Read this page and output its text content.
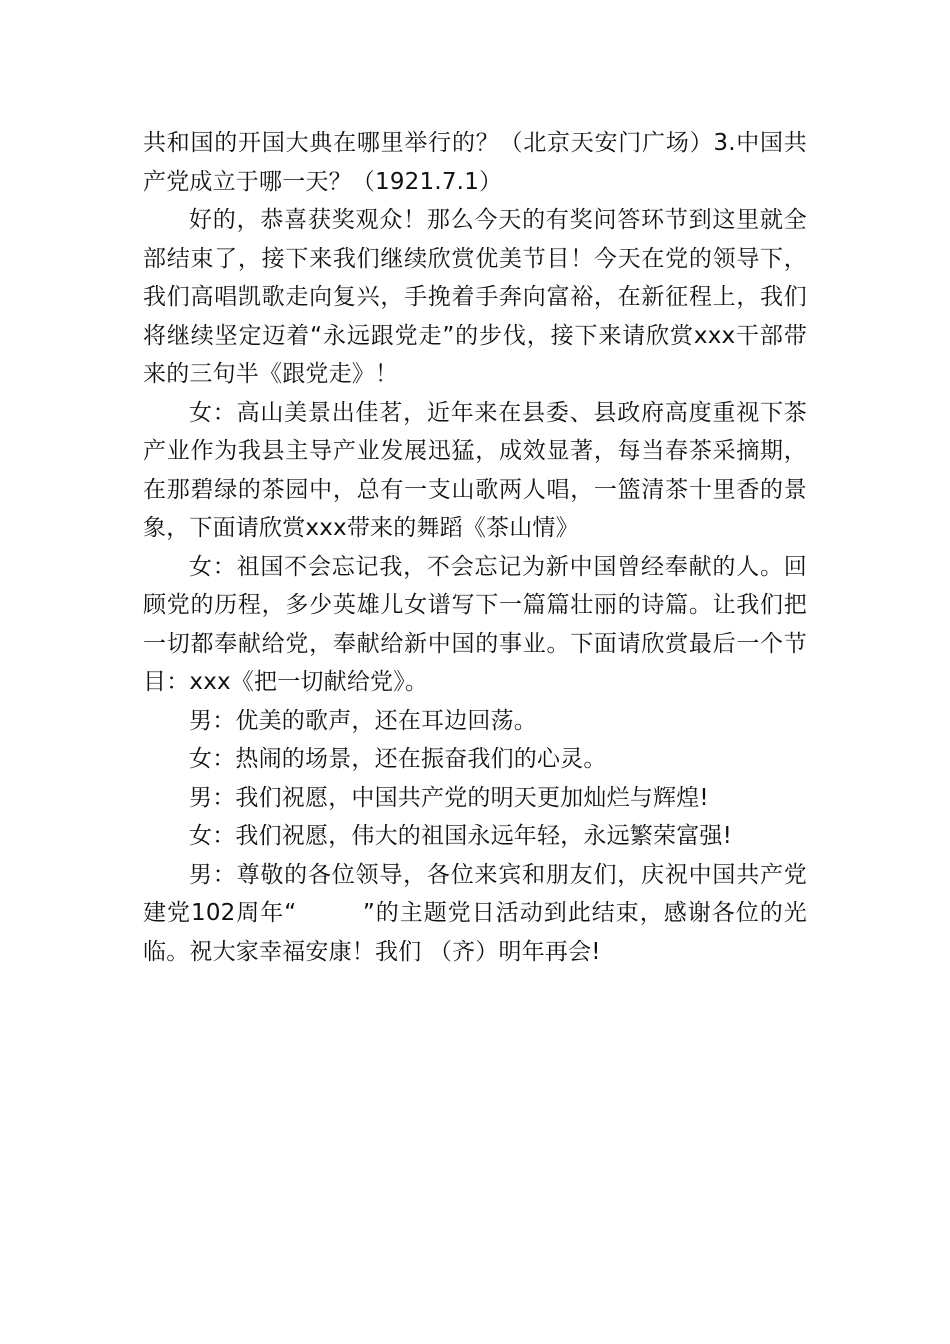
共和国的开国大典在哪里举行的？（北京天安门广场）3.中国共产党成立于哪一天？（1921.7.1）

好的，恭喜获奖观众！那么今天的有奖问答环节到这里就全部结束了，接下来我们继续欣赏优美节目！今天在党的领导下，我们高唱凯歌走向复兴，手挽着手奔向富裕，在新征程上，我们将继续坚定迈着“永远跟党走”的步伐，接下来请欣赏xxx干部带来的三句半《跟党走》！

女：高山美景出佳茗，近年来在县委、县政府高度重视下茶产业作为我县主导产业发展迅猛，成效显著，每当春茶采摘期，在那碧绿的茶园中，总有一支山歌两人唱，一篮清茶十里香的景象，下面请欣赏xxx带来的舞蹈《茶山情》

女：祖国不会忘记我，不会忘记为新中国曾经奉献的人。回顾党的历程，多少英雄儿女谱写下一篇篇壮丽的诗篇。让我们把一切都奉献给党，奉献给新中国的事业。下面请欣赏最后一个节目：xxx《把一切献给党》。

男：优美的歌声，还在耳边回荡。

女：热闹的场景，还在振奋我们的心灵。

男：我们祝愿，中国共产党的明天更加灿烂与辉煌!

女：我们祝愿，伟大的祖国永远年轻，永远繁荣富强!

男：尊敬的各位领导，各位来宾和朋友们，庆祝中国共产党建党102周年“        ”的主题党日活动到此结束，感谢各位的光临。祝大家幸福安康！我们 （齐）明年再会!
